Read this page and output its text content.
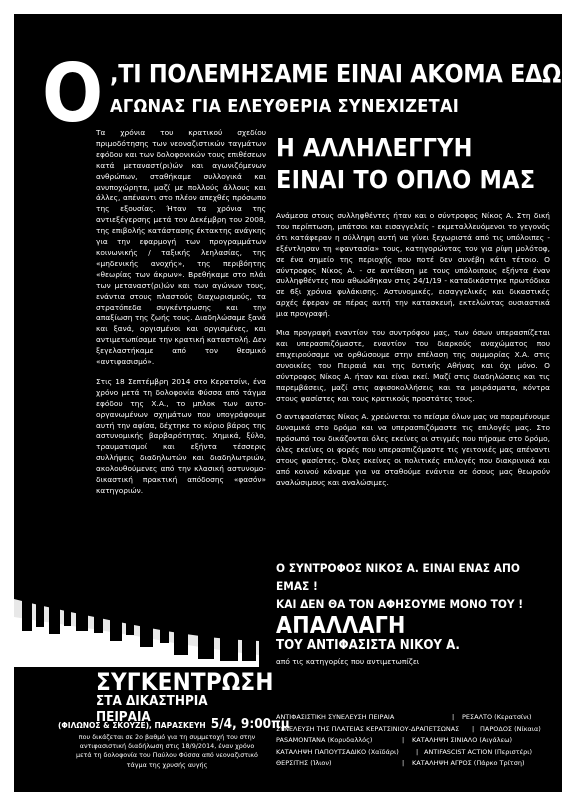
O ,ΤΙ ΠΟΛΕΜΗΣΑΜΕ ΕΙΝΑΙ ΑΚΟΜΑ ΕΔΩ
ΑΓΩΝΑΣ ΓΙΑ ΕΛΕΥΘΕΡΙΑ ΣΥΝΕΧΙΖΕΤΑΙ

Τα χρόνια του κρατικού σχεδίου πριμοδότησης των νεοναζιστικών ταγμάτων εφόδου και των δολοφονικών τους επιθέσεων κατά μεταναστ(ρι)ών και αγωνιζόμενων ανθρώπων, σταθήκαμε συλλογικά και ανυποχώρητα, μαζί με πολλούς άλλους και άλλες, απέναντι στο πλέον απεχθές πρόσωπο της εξουσίας. Ήταν τα χρόνια της αντιεξέγερσης μετά τον Δεκέμβρη του 2008, της επιβολής κατάστασης έκτακτης ανάγκης για την εφαρμογή των προγραμμάτων κοινωνικής / ταξικής λεηλασίας, της «μηδενικής ανοχής», της περιβόητης «θεωρίας των άκρων». Βρεθήκαμε στο πλάι των μεταναστ(ρι)ών και των αγώνων τους, ενάντια στους πλαστούς διαχωρισμούς, τα στρατόπεδα συγκέντρωσης και την απαξίωση της ζωής τους. Διαδηλώσαμε ξανά και ξανά, οργισμένοι και οργισμένες, και αντιμετωπίσαμε την κρατική καταστολή. Δεν ξεγελαστήκαμε από τον θεσμικό «αντιφασισμό».

Στις 18 Σεπτέμβρη 2014 στο Κερατσίνι, ένα χρόνο μετά τη δολοφονία Φύσσα από τάγμα εφόδου της Χ.Α., το μπλοκ των αυτο-οργανωμένων σχημάτων που υπογράφουμε αυτή την αφίσα, δέχτηκε το κύριο βάρος της αστυνομικής βαρβαρότητας. Χημικά, ξύλο, τραυματισμοί και εξήντα τέσσερις συλλήψεις διαδηλωτών και διαδηλωτριών, ακολουθούμενες από την κλασική αστυνομο-δικαστική πρακτική απόδοσης «φασόν» κατηγοριών.

Η ΑΛΛΗΛΕΓΓΥΗ
ΕΙΝΑΙ ΤΟ ΟΠΛΟ ΜΑΣ

Ανάμεσα στους συλληφθέντες ήταν και ο σύντροφος Νίκος Α. Στη δική του περίπτωση, μπάτσοι και εισαγγελείς - εκμεταλλευόμενοι το γεγονός ότι κατάφεραν η σύλληψη αυτή να γίνει ξεχωριστά από τις υπόλοιπες - εξέντλησαν τη «φαντασία» τους, κατηγορώντας τον για ρίψη μολότοφ, σε ένα σημείο της περιοχής που ποτέ δεν συνέβη κάτι τέτοιο. Ο σύντροφος Νίκος Α. - σε αντίθεση με τους υπόλοιπους εξήντα έναν συλληφθέντες που αθωώθηκαν στις 24/1/19 - καταδικάστηκε πρωτόδικα σε 6ξι χρόνια φυλάκισης. Αστυνομικές, εισαγγελικές και δικαστικές αρχές έφεραν σε πέρας αυτή την κατασκευή, εκτελώντας ουσιαστικά μια προγραφή.

Μια προγραφή εναντίον του συντρόφου μας, των όσων υπερασπίζεται και υπερασπιζόμαστε, εναντίον του διαρκούς αναχώματος που επιχειρούσαμε να ορθώσουμε στην επέλαση της συμμορίας Χ.Α. στις συνοικίες του Πειραιά και της δυτικής Αθήνας και όχι μόνο. Ο σύντροφος Νίκος Α. ήταν και είναι εκεί. Μαζί στις διαδηλώσεις και τις παρεμβάσεις, μαζί στις αφισοκολλήσεις και τα μοιράσματα, κόντρα στους φασίστες και τους κρατικούς προστάτες τους.

Ο αντιφασίστας Νίκος Α. χρεώνεται το πείσμα όλων μας να παραμένουμε δυναμικά στο δρόμο και να υπερασπιζόμαστε τις επιλογές μας. Στο πρόσωπό του δικάζονται όλες εκείνες οι στιγμές που πήραμε στο δρόμο, όλες εκείνες οι φορές που υπερασπιζόμαστε τις γειτονιές μας απέναντι στους φασίστες. Όλες εκείνες οι πολιτικές επιλογές που διακρινικά και από κοινού κάναμε για να σταθούμε ενάντια σε όσους μας θεωρούν αναλώσιμους και αναλώσιμες.

Ο ΣΥΝΤΡΟΦΟΣ ΝΙΚΟΣ Α. ΕΙΝΑΙ ΕΝΑΣ ΑΠΟ ΕΜΑΣ !
ΚΑΙ ΔΕΝ ΘΑ ΤΟΝ ΑΦΗΣΟΥΜΕ ΜΟΝΟ ΤΟΥ !
ΑΠΑΛΛΑΓΗ
ΤΟΥ ΑΝΤΙΦΑΣΙΣΤΑ ΝΙΚΟΥ Α.
από τις κατηγορίες που αντιμετωπίζει
ΣΥΓΚΕΝΤΡΩΣΗ
ΣΤΑ ΔΙΚΑΣΤΗΡΙΑ ΠΕΙΡΑΙΑ
(ΦΙΛΩΝΟΣ & ΣΚΟΥΖΕ), ΠΑΡΑΣΚΕΥΗ 5/4, 9:00πμ
που δικάζεται σε 2ο βαθμό για τη συμμετοχή του στην αντιφασιστική διαδήλωση στις 18/9/2014, έναν χρόνο μετά τη δολοφονία του Παύλου Φύσσα από νεοναζιστικό τάγμα της χρυσής αυγής
ΑΝΤΙΦΑΣΙΣΤΙΚΗ ΣΥΝΕΛΕΥΣΗ ΠΕΙΡΑΙΑ	|	ΡΕΣΑΛΤΟ (Κερατσίνι)
ΣΥΝΕΛΕΥΣΗ ΤΗΣ ΠΛΑΤΕΙΑΣ ΚΕΡΑΤΣΙΝΙΟΥ-ΔΡΑΠΕΤΣΩΝΑΣ	| ΠΑΡΟΔΟΣ (Νίκαια)
PASAMONTANA (Κορυδαλλός)	|	ΚΑΤΑΛΗΨΗ ΣΙΝΙΑΛΟ (Αιγάλεω)
ΚΑΤΑΛΗΨΗ ΠΑΠΟΥΤΣΑΔΙΚΟ (Χαϊδάρι)	| ANTIFASCIST ACTION (Περιστέρι)
ΘΕΡΣΙΤΗΣ (Ίλιον)	|	ΚΑΤΑΛΗΨΗ ΑΓΡΟΣ (Πάρκο Τρίτση)
